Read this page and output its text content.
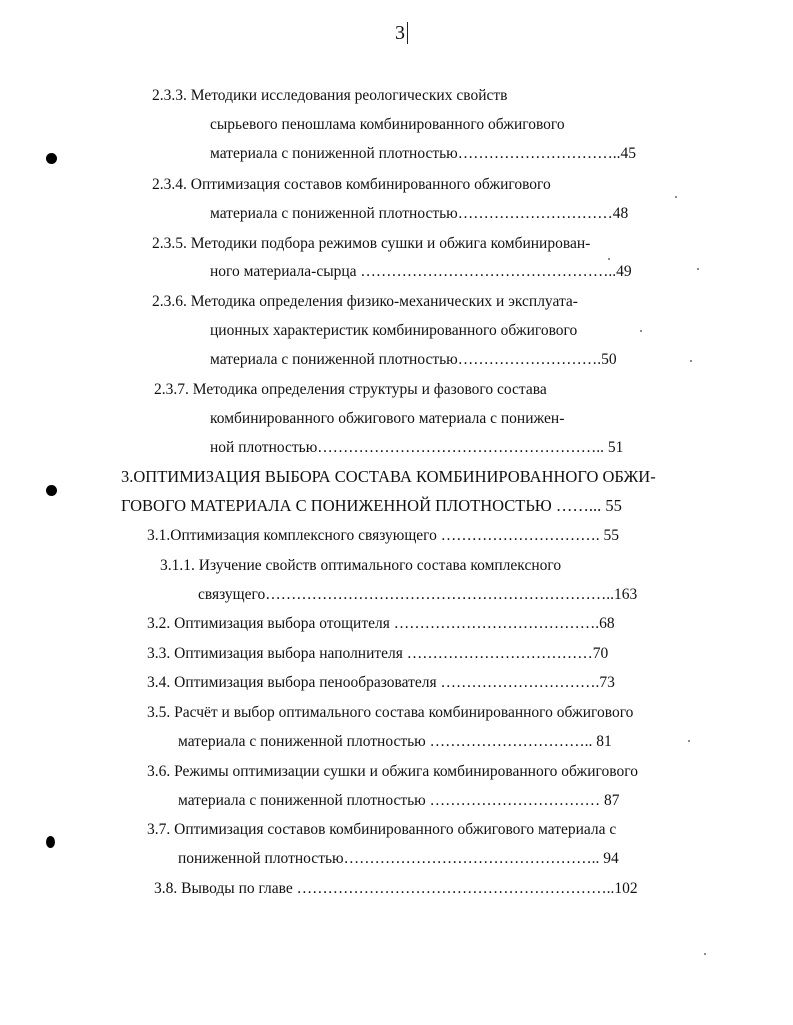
3
2.3.3. Методики исследования реологических свойств
сырьевого пеношлама комбинированного обжигового
материала с пониженной плотностью…………………………..45
2.3.4. Оптимизация составов комбинированного обжигового
материала с пониженной плотностью…………………………48
2.3.5. Методики подбора режимов сушки и обжига комбинирован-
ного материала-сырца …………………………………………..49
2.3.6. Методика определения физико-механических и эксплуата-
ционных характеристик комбинированного обжигового
материала с пониженной плотностью……………………….50
2.3.7. Методика определения структуры и фазового состава
комбинированного обжигового материала с понижен-
ной плотностью……………………………………………….. 51
3.ОПТИМИЗАЦИЯ ВЫБОРА СОСТАВА КОМБИНИРОВАННОГО ОБЖИ-
ГОВОГО МАТЕРИАЛА С ПОНИЖЕННОЙ ПЛОТНОСТЬЮ ……... 55
3.1.Оптимизация комплексного связующего …………………………. 55
3.1.1. Изучение свойств оптимального состава комплексного
связущего…………………………………………………………..163
3.2. Оптимизация выбора отощителя ………………………………….68
3.3. Оптимизация выбора наполнителя ………………………………70
3.4. Оптимизация выбора пенообразователя ………………………….73
3.5. Расчёт и выбор оптимального состава комбинированного обжигового
материала с пониженной плотностью ………………………….. 81
3.6. Режимы оптимизации сушки и обжига комбинированного обжигового
материала с пониженной плотностью …………………………… 87
3.7. Оптимизация составов комбинированного обжигового материала с
пониженной плотностью………………………………………….. 94
3.8. Выводы по главе ……………………………………………………..102
